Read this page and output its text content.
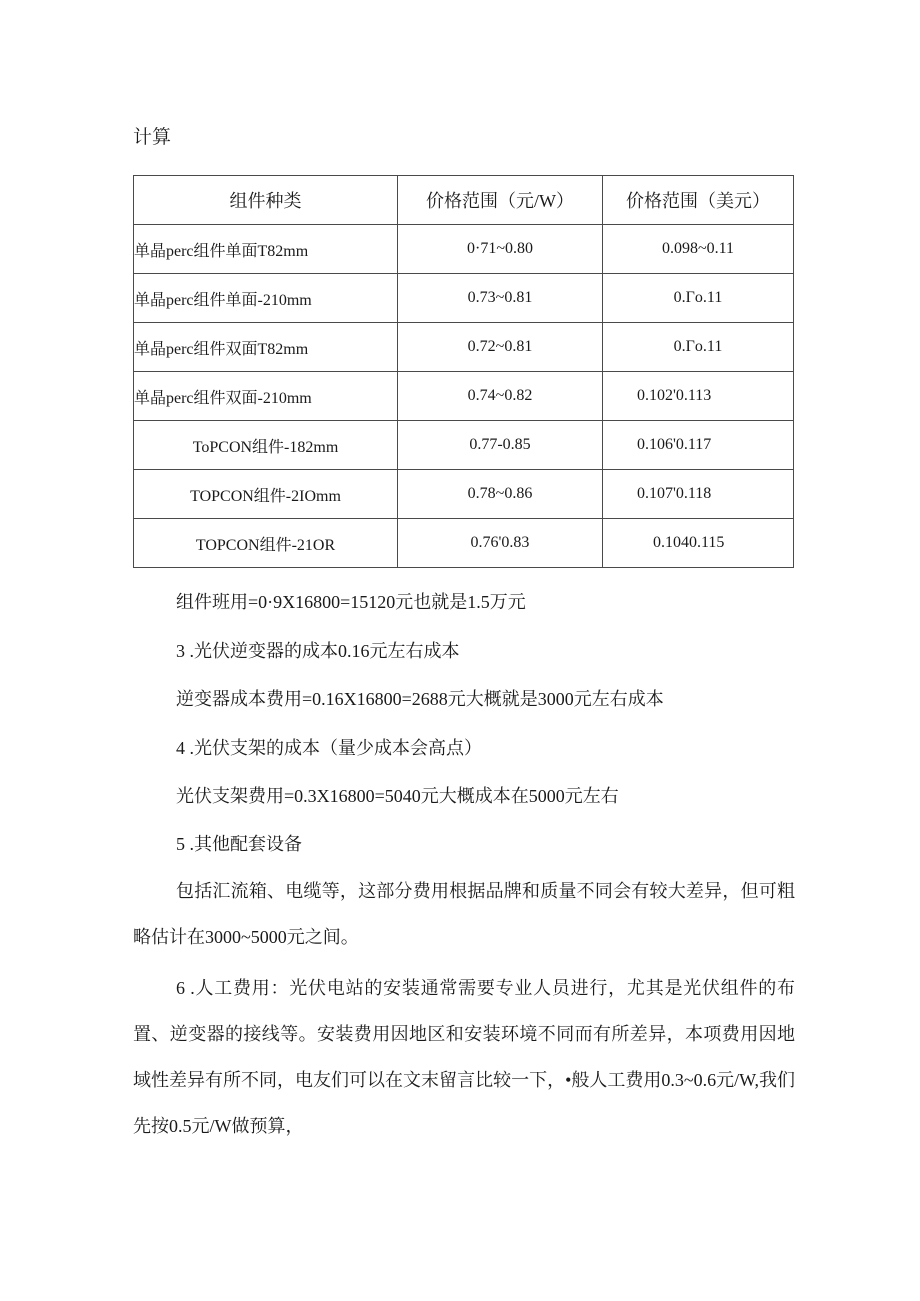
计算
组件种类	价格范围（元/W）	价格范围（美元）
单晶perc组件单面T82mm	0·71~0.80	0.098~0.11
单晶perc组件单面-210mm	0.73~0.81	0.Γo.11
单晶perc组件双面T82mm	0.72~0.81	0.Γo.11
单晶perc组件双面-210mm	0.74~0.82	0.102'0.113
ToPCON组件-182mm	0.77-0.85	0.106'0.117
TOPCON组件-2IOmm	0.78~0.86	0.107'0.118
TOPCON组件-21OR	0.76'0.83	0.1040.115
组件班用=0·9X16800=15120元也就是1.5万元
3 .光伏逆变器的成本0.16元左右成本
逆变器成本费用=0.16X16800=2688元大概就是3000元左右成本
4 .光伏支架的成本（量少成本会高点）
光伏支架费用=0.3X16800=5040元大概成本在5000元左右
5 .其他配套设备
包括汇流箱、电缆等，这部分费用根据品牌和质量不同会有较大差异，但可粗略估计在3000~5000元之间。
6 .人工费用：光伏电站的安装通常需要专业人员进行，尤其是光伏组件的布置、逆变器的接线等。安装费用因地区和安装环境不同而有所差异，本项费用因地域性差异有所不同，电友们可以在文末留言比较一下，•般人工费用0.3~0.6元/W,我们先按0.5元/W做预算，
